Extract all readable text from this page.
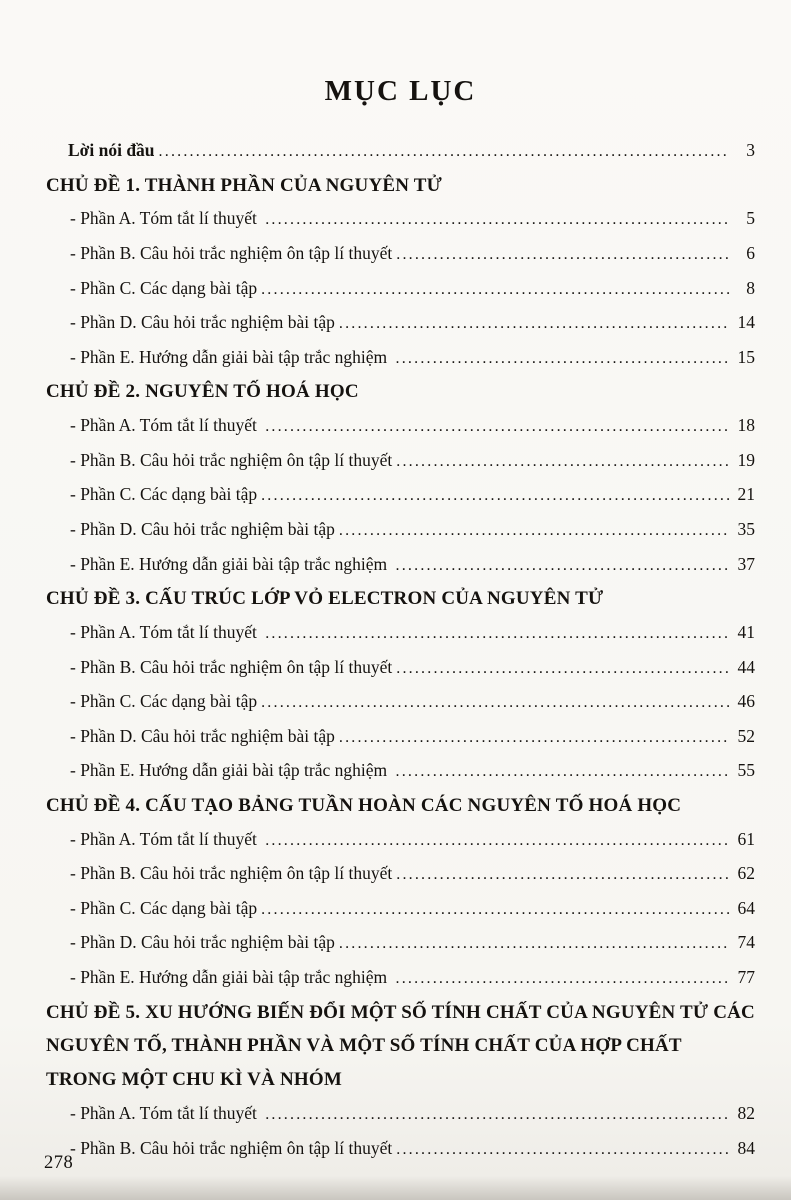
MỤC LỤC
Lời nói đầu .....	3
CHỦ ĐỀ 1. THÀNH PHẦN CỦA NGUYÊN TỬ
- Phần A. Tóm tắt lí thuyết .....	5
- Phần B. Câu hỏi trắc nghiệm ôn tập lí thuyết .....	6
- Phần C. Các dạng bài tập .....	8
- Phần D. Câu hỏi trắc nghiệm bài tập .....	14
- Phần E. Hướng dẫn giải bài tập trắc nghiệm .....	15
CHỦ ĐỀ 2. NGUYÊN TỐ HOÁ HỌC
- Phần A. Tóm tắt lí thuyết .....	18
- Phần B. Câu hỏi trắc nghiệm ôn tập lí thuyết .....	19
- Phần C. Các dạng bài tập .....	21
- Phần D. Câu hỏi trắc nghiệm bài tập .....	35
- Phần E. Hướng dẫn giải bài tập trắc nghiệm .....	37
CHỦ ĐỀ 3. CẤU TRÚC LỚP VỎ ELECTRON CỦA NGUYÊN TỬ
- Phần A. Tóm tắt lí thuyết .....	41
- Phần B. Câu hỏi trắc nghiệm ôn tập lí thuyết .....	44
- Phần C. Các dạng bài tập .....	46
- Phần D. Câu hỏi trắc nghiệm bài tập .....	52
- Phần E. Hướng dẫn giải bài tập trắc nghiệm .....	55
CHỦ ĐỀ 4. CẤU TẠO BẢNG TUẦN HOÀN CÁC NGUYÊN TỐ HOÁ HỌC
- Phần A. Tóm tắt lí thuyết .....	61
- Phần B. Câu hỏi trắc nghiệm ôn tập lí thuyết .....	62
- Phần C. Các dạng bài tập .....	64
- Phần D. Câu hỏi trắc nghiệm bài tập .....	74
- Phần E. Hướng dẫn giải bài tập trắc nghiệm .....	77
CHỦ ĐỀ 5. XU HƯỚNG BIẾN ĐỔI MỘT SỐ TÍNH CHẤT CỦA NGUYÊN TỬ CÁC NGUYÊN TỐ, THÀNH PHẦN VÀ MỘT SỐ TÍNH CHẤT CỦA HỢP CHẤT TRONG MỘT CHU KÌ VÀ NHÓM
- Phần A. Tóm tắt lí thuyết .....	82
- Phần B. Câu hỏi trắc nghiệm ôn tập lí thuyết .....	84
278
